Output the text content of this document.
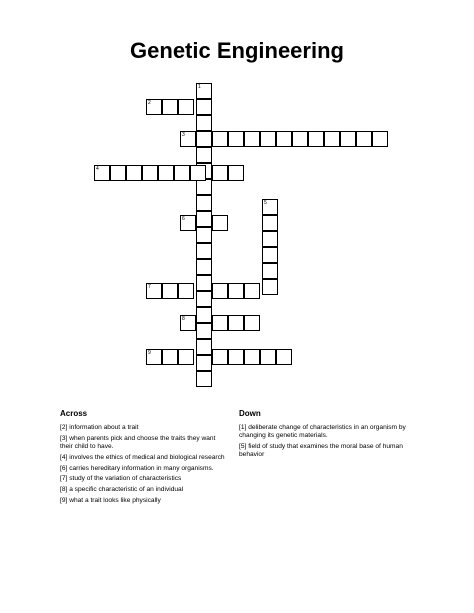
Genetic Engineering
1
2
3
4
5
6
7
8
9
Across	Down
[2] information about a trait
[3] when parents pick and choose the traits they want their child to have.
[4] involves the ethics of medical and biological research
[6] carries hereditary information in many organisms.
[7] study of the variation of characteristics
[8] a specific characteristic of an individual
[9] what a trait looks like physically
[1] deliberate change of characteristics in an organism by changing its genetic materials.
[5] field of study that examines the moral base of human behavior
